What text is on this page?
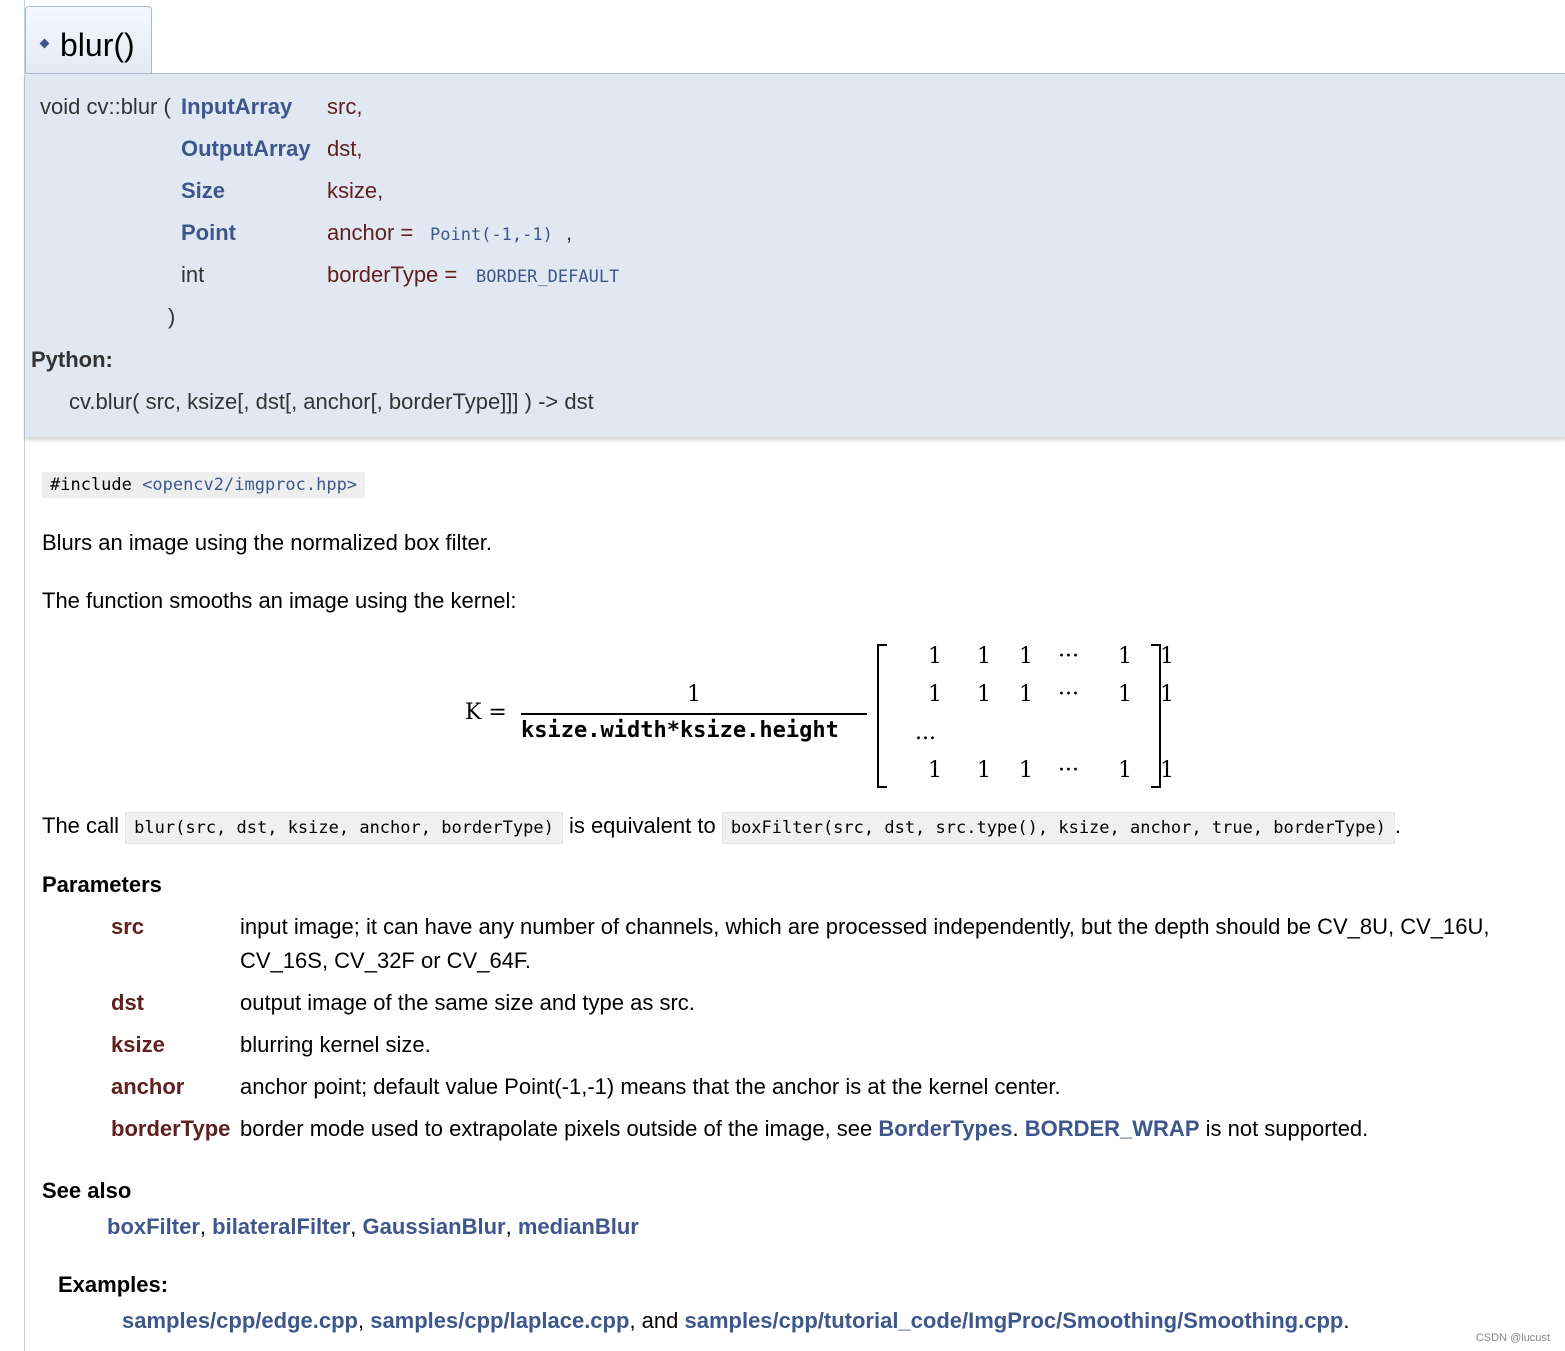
blur()
void cv::blur ( InputArray src,
OutputArray dst,
Size	ksize,
Point	anchor = Point(-1,-1) ,
int	borderType = BORDER_DEFAULT
)
Python:
cv.blur( src, ksize[, dst[, anchor[, borderType]]] ) -> dst
#include <opencv2/imgproc.hpp>
Blurs an image using the normalized box filter.
The function smooths an image using the kernel:
K =
1
ksize.width*ksize.height
1 1 1 ··· 1 1
1 1 1 ··· 1 1
...
1 1 1 ··· 1 1
The call blur(src, dst, ksize, anchor, borderType) is equivalent to boxFilter(src, dst, src.type(), ksize, anchor, true, borderType) .
Parameters
src	input image; it can have any number of channels, which are processed independently, but the depth should be CV_8U, CV_16U,
CV_16S, CV_32F or CV_64F.
dst	output image of the same size and type as src.
ksize	blurring kernel size.
anchor	anchor point; default value Point(-1,-1) means that the anchor is at the kernel center.
borderType border mode used to extrapolate pixels outside of the image, see BorderTypes. BORDER_WRAP is not supported.
See also
boxFilter, bilateralFilter, GaussianBlur, medianBlur
Examples:
samples/cpp/edge.cpp, samples/cpp/laplace.cpp, and samples/cpp/tutorial_code/ImgProc/Smoothing/Smoothing.cpp.
CSDN @lucust
